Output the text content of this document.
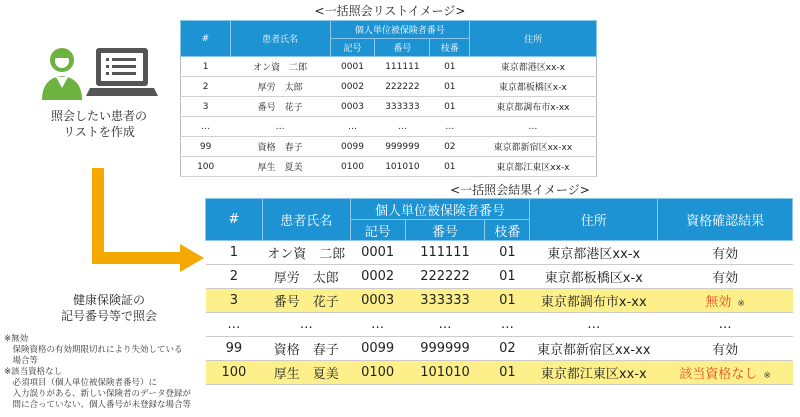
<一括照会リストイメージ>
#	患者氏名	個人単位被保険者番号			住所
		記号	番号	枝番	
1	オン資　二郎	0001	111111	01	東京都港区xx-x
2	厚労　太郎	0002	222222	01	東京都板橋区x-x
3	番号　花子	0003	333333	01	東京都調布市x-xx
…	…	…	…	…	…
99	資格　春子	0099	999999	02	東京都新宿区xx-xx
100	厚生　夏美	0100	101010	01	東京都江東区xx-x
照会したい患者の
リストを作成
健康保険証の
記号番号等で照会
※無効
　保険資格の有効期限切れにより失効している
　場合等
※該当資格なし
　必須項目（個人単位被保険者番号）に
　入力誤りがある、新しい保険者のデータ登録が
　間に合っていない、個人番号が未登録な場合等
<一括照会結果イメージ>
#	患者氏名	個人単位被保険者番号			住所	資格確認結果
		記号	番号	枝番		
1	オン資　二郎	0001	111111	01	東京都港区xx-x	有効
2	厚労　太郎	0002	222222	01	東京都板橋区x-x	有効
3	番号　花子	0003	333333	01	東京都調布市x-xx	無効 ※
…	…	…	…	…	…	…
99	資格　春子	0099	999999	02	東京都新宿区xx-xx	有効
100	厚生　夏美	0100	101010	01	東京都江東区xx-x	該当資格なし ※
